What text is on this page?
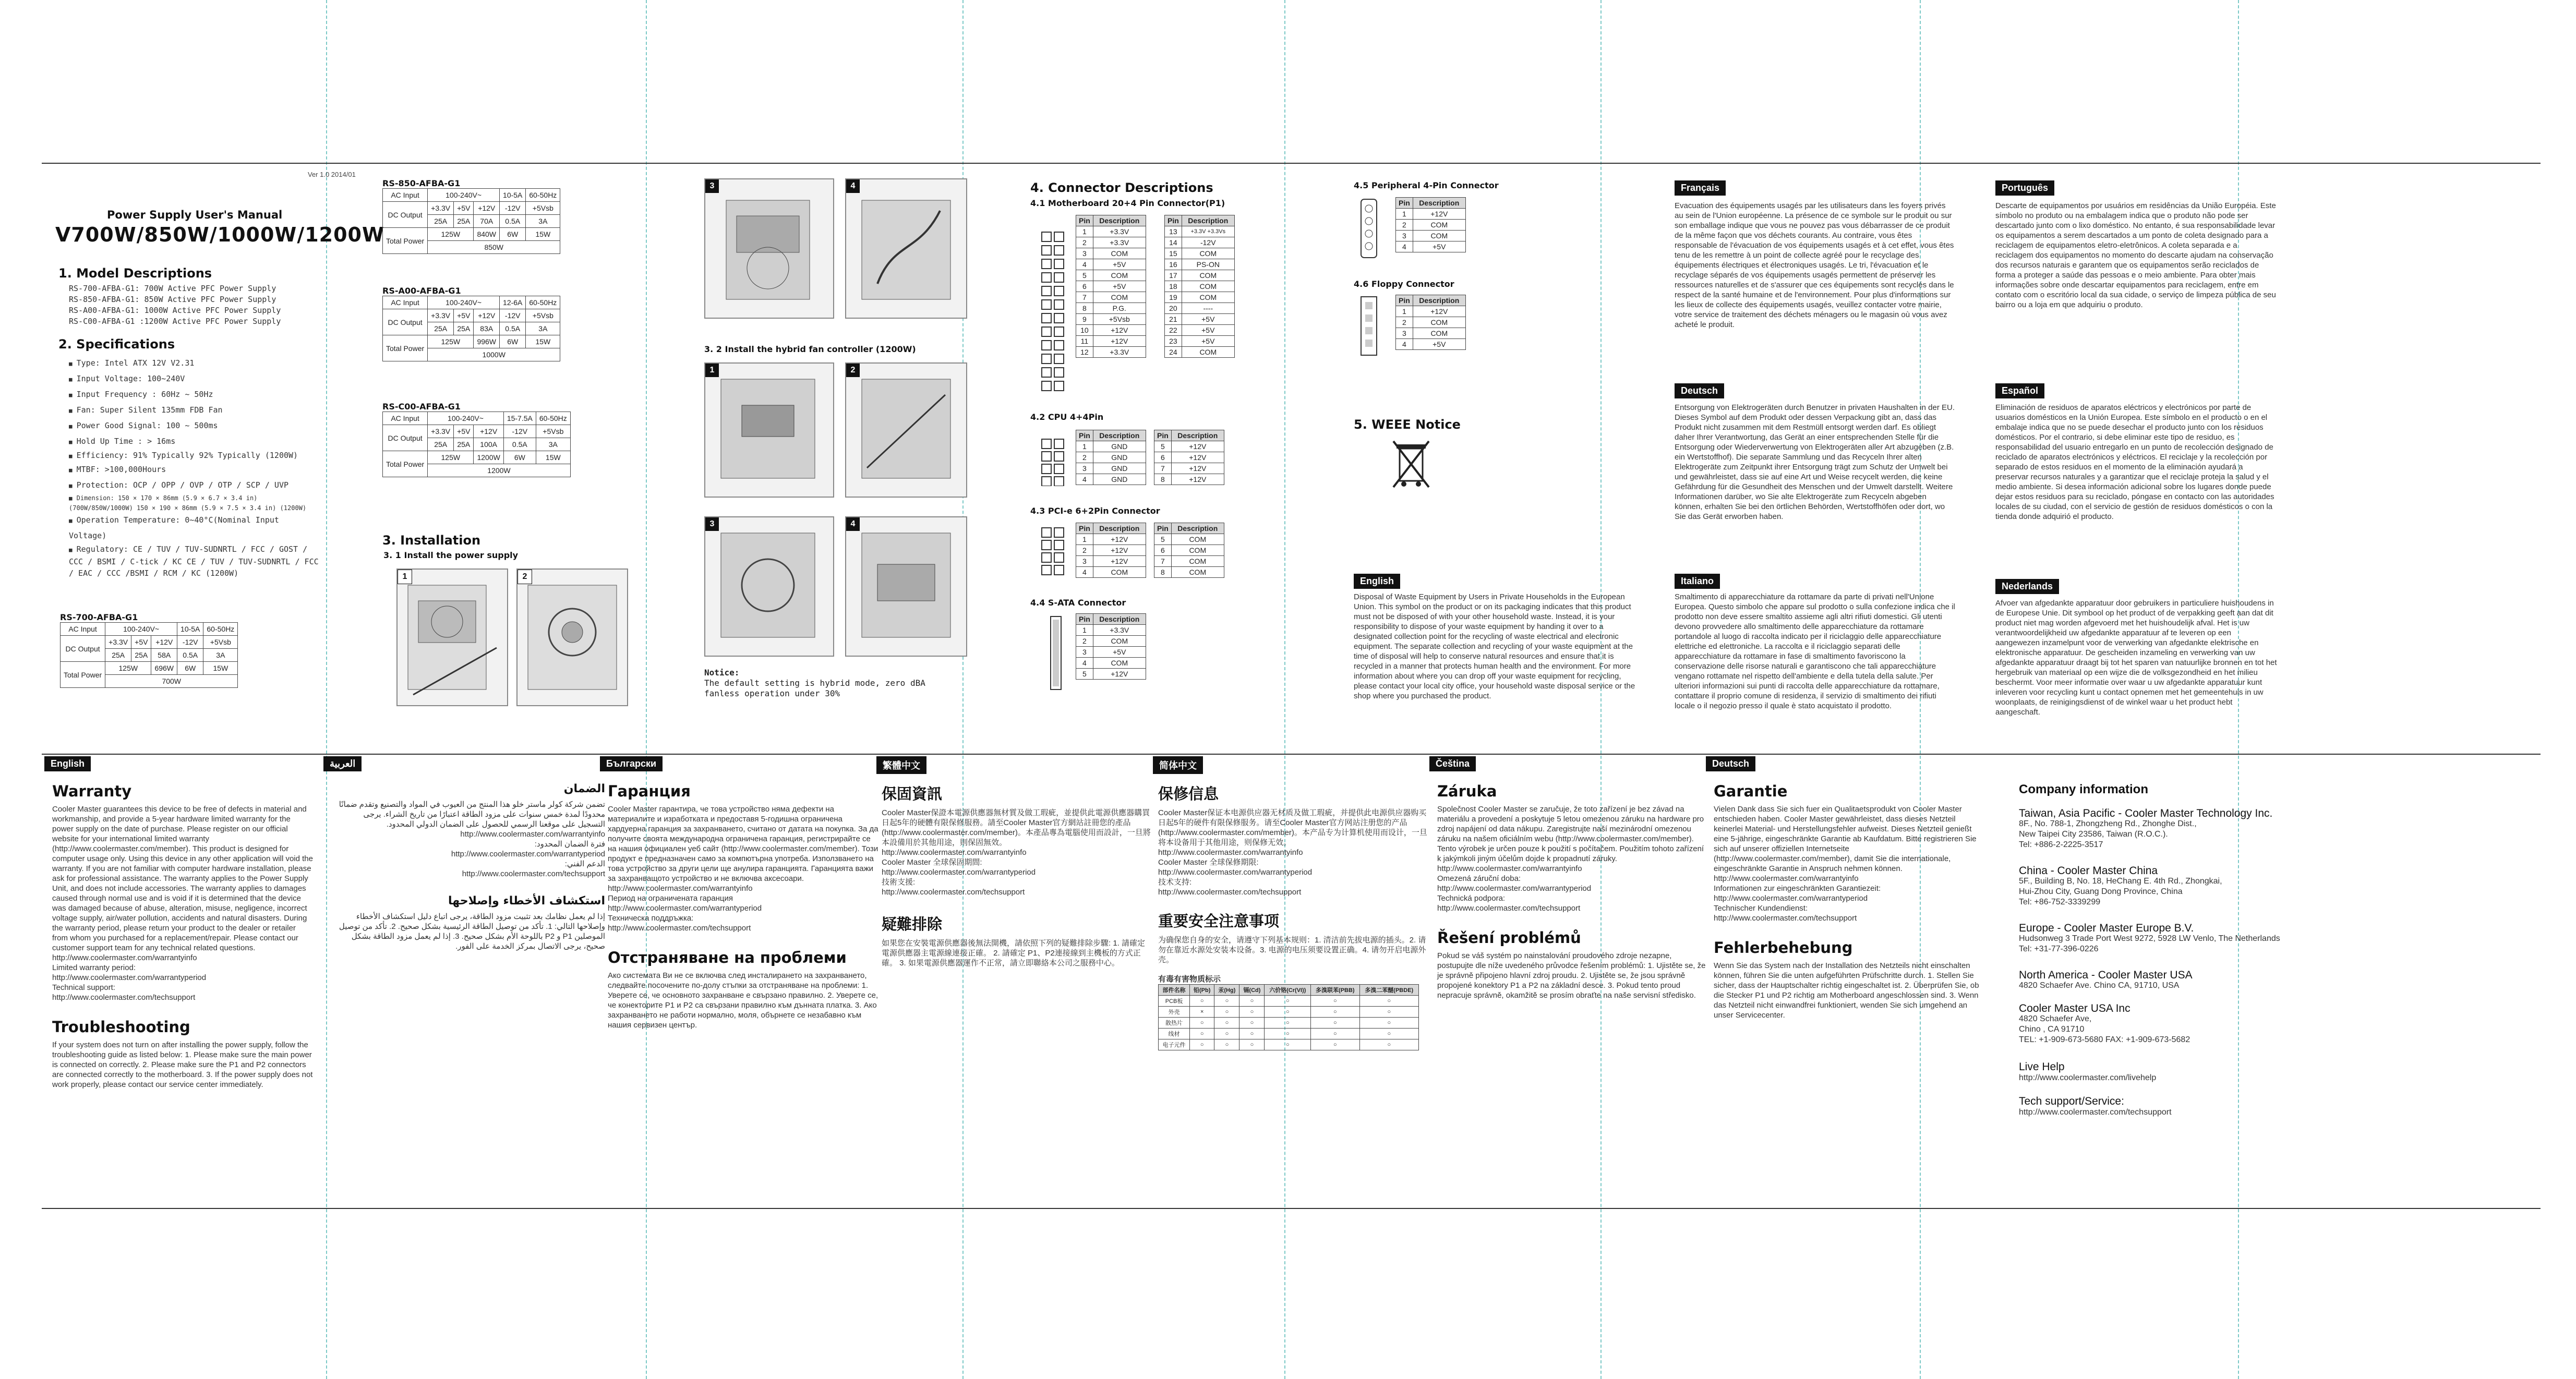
Ver 1.0 2014/01
Power Supply User's Manual
V700W/850W/1000W/1200W
1. Model Descriptions
RS-700-AFBA-G1: 700W Active PFC Power Supply
RS-850-AFBA-G1: 850W Active PFC Power Supply
RS-A00-AFBA-G1: 1000W Active PFC Power Supply
RS-C00-AFBA-G1 :1200W Active PFC Power Supply
2. Specifications
■ Type: Intel ATX 12V V2.31
■ Input Voltage: 100~240V
■ Input Frequency : 60Hz ~ 50Hz
■ Fan: Super Silent 135mm FDB Fan
■ Power Good Signal: 100 ~ 500ms
■ Hold Up Time : > 16ms
■ Efficiency: 91% Typically 92% Typically (1200W)
■ MTBF: >100,000Hours
■ Protection: OCP / OPP / OVP / OTP / SCP / UVP
■ Dimension: 150 × 170 × 86mm (5.9 × 6.7 × 3.4 in) (700W/850W/1000W) 150 × 190 × 86mm (5.9 × 7.5 × 3.4 in) (1200W)
■ Operation Temperature: 0~40°C(Nominal Input Voltage)
■ Regulatory: CE / TUV / TUV-SUDNRTL / FCC / GOST / CCC / BSMI / C-tick / KC CE / TUV / TUV-SUDNRTL / FCC / EAC / CCC /BSMI / RCM / KC (1200W)
RS-700-AFBA-G1
AC Input	100-240V~			10-5A	60-50Hz
DC Output	+3.3V	+5V	+12V	-12V	+5Vsb
	25A	25A	58A	0.5A	3A
Total Power	125W		696W	6W	15W
	700W				
RS-850-AFBA-G1
AC Input	100-240V~			10-5A	60-50Hz
DC Output	+3.3V	+5V	+12V	-12V	+5Vsb
	25A	25A	70A	0.5A	3A
Total Power	125W		840W	6W	15W
	850W				
RS-A00-AFBA-G1
AC Input	100-240V~			12-6A	60-50Hz
DC Output	+3.3V	+5V	+12V	-12V	+5Vsb
	25A	25A	83A	0.5A	3A
Total Power	125W		996W	6W	15W
	1000W				
RS-C00-AFBA-G1
AC Input	100-240V~			15-7.5A	60-50Hz
DC Output	+3.3V	+5V	+12V	-12V	+5Vsb
	25A	25A	100A	0.5A	3A
Total Power	125W		1200W	6W	15W
	1200W				
3. Installation
3. 1 Install the power supply
1	2
3	4
3. 2 Install the hybrid fan controller (1200W)
1	2
3	4
Notice:
The default setting is hybrid mode, zero dBA fanless operation under 30%
4. Connector Descriptions
4.1 Motherboard 20+4 Pin Connector(P1)
Pin	Description
1	+3.3V
2	+3.3V
3	COM
4	+5V
5	COM
6	+5V
7	COM
8	P.G.
9	+5Vsb
10	+12V
11	+12V
12	+3.3V
Pin	Description
13	+3.3V +3.3Vs
14	-12V
15	COM
16	PS-ON
17	COM
18	COM
19	COM
20	----
21	+5V
22	+5V
23	+5V
24	COM
4.2 CPU 4+4Pin
Pin	Description
1	GND
2	GND
3	GND
4	GND
Pin	Description
5	+12V
6	+12V
7	+12V
8	+12V
4.3 PCI-e 6+2Pin Connector
Pin	Description
1	+12V
2	+12V
3	+12V
4	COM
Pin	Description
5	COM
6	COM
7	COM
8	COM
4.4 S-ATA Connector
Pin	Description
1	+3.3V
2	COM
3	+5V
4	COM
5	+12V
4.5 Peripheral 4-Pin Connector
Pin	Description
1	+12V
2	COM
3	COM
4	+5V
4.6 Floppy Connector
Pin	Description
1	+12V
2	COM
3	COM
4	+5V
5. WEEE Notice
English
Disposal of Waste Equipment by Users in Private Households in the European Union. This symbol on the product or on its packaging indicates that this product must not be disposed of with your other household waste. Instead, it is your responsibility to dispose of your waste equipment by handing it over to a designated collection point for the recycling of waste electrical and electronic equipment. The separate collection and recycling of your waste equipment at the time of disposal will help to conserve natural resources and ensure that it is recycled in a manner that protects human health and the environment. For more information about where you can drop off your waste equipment for recycling, please contact your local city office, your household waste disposal service or the shop where you purchased the product.
Français
Evacuation des équipements usagés par les utilisateurs dans les foyers privés au sein de l'Union européenne. La présence de ce symbole sur le produit ou sur son emballage indique que vous ne pouvez pas vous débarrasser de ce produit de la même façon que vos déchets courants. Au contraire, vous êtes responsable de l'évacuation de vos équipements usagés et à cet effet, vous êtes tenu de les remettre à un point de collecte agréé pour le recyclage des équipements électriques et électroniques usagés. Le tri, l'évacuation et le recyclage séparés de vos équipements usagés permettent de préserver les ressources naturelles et de s'assurer que ces équipements sont recyclés dans le respect de la santé humaine et de l'environnement. Pour plus d'informations sur les lieux de collecte des équipements usagés, veuillez contacter votre mairie, votre service de traitement des déchets ménagers ou le magasin où vous avez acheté le produit.
Deutsch
Entsorgung von Elektrogeräten durch Benutzer in privaten Haushalten in der EU. Dieses Symbol auf dem Produkt oder dessen Verpackung gibt an, dass das Produkt nicht zusammen mit dem Restmüll entsorgt werden darf. Es obliegt daher Ihrer Verantwortung, das Gerät an einer entsprechenden Stelle für die Entsorgung oder Wiederverwertung von Elektrogeräten aller Art abzugeben (z.B. ein Wertstoffhof). Die separate Sammlung und das Recyceln Ihrer alten Elektrogeräte zum Zeitpunkt ihrer Entsorgung trägt zum Schutz der Umwelt bei und gewährleistet, dass sie auf eine Art und Weise recycelt werden, die keine Gefährdung für die Gesundheit des Menschen und der Umwelt darstellt. Weitere Informationen darüber, wo Sie alte Elektrogeräte zum Recyceln abgeben können, erhalten Sie bei den örtlichen Behörden, Wertstoffhöfen oder dort, wo Sie das Gerät erworben haben.
Italiano
Smaltimento di apparecchiature da rottamare da parte di privati nell'Unione Europea. Questo simbolo che appare sul prodotto o sulla confezione indica che il prodotto non deve essere smaltito assieme agli altri rifiuti domestici. Gli utenti devono provvedere allo smaltimento delle apparecchiature da rottamare portandole al luogo di raccolta indicato per il riciclaggio delle apparecchiature elettriche ed elettroniche. La raccolta e il riciclaggio separati delle apparecchiature da rottamare in fase di smaltimento favoriscono la conservazione delle risorse naturali e garantiscono che tali apparecchiature vengano rottamate nel rispetto dell'ambiente e della tutela della salute. Per ulteriori informazioni sui punti di raccolta delle apparecchiature da rottamare, contattare il proprio comune di residenza, il servizio di smaltimento dei rifiuti locale o il negozio presso il quale è stato acquistato il prodotto.
Português
Descarte de equipamentos por usuários em residências da União Européia. Este símbolo no produto ou na embalagem indica que o produto não pode ser descartado junto com o lixo doméstico. No entanto, é sua responsabilidade levar os equipamentos a serem descartados a um ponto de coleta designado para a reciclagem de equipamentos eletro-eletrônicos. A coleta separada e a reciclagem dos equipamentos no momento do descarte ajudam na conservação dos recursos naturais e garantem que os equipamentos serão reciclados de forma a proteger a saúde das pessoas e o meio ambiente. Para obter mais informações sobre onde descartar equipamentos para reciclagem, entre em contato com o escritório local da sua cidade, o serviço de limpeza pública de seu bairro ou a loja em que adquiriu o produto.
Español
Eliminación de residuos de aparatos eléctricos y electrónicos por parte de usuarios domésticos en la Unión Europea. Este símbolo en el producto o en el embalaje indica que no se puede desechar el producto junto con los residuos domésticos. Por el contrario, si debe eliminar este tipo de residuo, es responsabilidad del usuario entregarlo en un punto de recolección designado de reciclado de aparatos electrónicos y eléctricos. El reciclaje y la recolección por separado de estos residuos en el momento de la eliminación ayudará a preservar recursos naturales y a garantizar que el reciclaje proteja la salud y el medio ambiente. Si desea información adicional sobre los lugares donde puede dejar estos residuos para su reciclado, póngase en contacto con las autoridades locales de su ciudad, con el servicio de gestión de residuos domésticos o con la tienda donde adquirió el producto.
Nederlands
Afvoer van afgedankte apparatuur door gebruikers in particuliere huishoudens in de Europese Unie. Dit symbool op het product of de verpakking geeft aan dat dit product niet mag worden afgevoerd met het huishoudelijk afval. Het is uw verantwoordelijkheid uw afgedankte apparatuur af te leveren op een aangewezen inzamelpunt voor de verwerking van afgedankte elektrische en elektronische apparatuur. De gescheiden inzameling en verwerking van uw afgedankte apparatuur draagt bij tot het sparen van natuurlijke bronnen en tot het hergebruik van materiaal op een wijze die de volksgezondheid en het milieu beschermt. Voor meer informatie over waar u uw afgedankte apparatuur kunt inleveren voor recycling kunt u contact opnemen met het gemeentehuis in uw woonplaats, de reinigingsdienst of de winkel waar u het product hebt aangeschaft.
English
Warranty
Cooler Master guarantees this device to be free of defects in material and workmanship, and provide a 5-year hardware limited warranty for the power supply on the date of purchase. Please register on our official website for your international limited warranty (http://www.coolermaster.com/member). This product is designed for computer usage only. Using this device in any other application will void the warranty. If you are not familiar with computer hardware installation, please ask for professional assistance. The warranty applies to the Power Supply Unit, and does not include accessories. The warranty applies to damages caused through normal use and is void if it is determined that the device was damaged because of abuse, alteration, misuse, negligence, incorrect voltage supply, air/water pollution, accidents and natural disasters. During the warranty period, please return your product to the dealer or retailer from whom you purchased for a replacement/repair. Please contact our customer support team for any technical related questions.
http://www.coolermaster.com/warrantyinfo
Limited warranty period:
http://www.coolermaster.com/warrantyperiod
Technical support:
http://www.coolermaster.com/techsupport
Troubleshooting
If your system does not turn on after installing the power supply, follow the troubleshooting guide as listed below: 1. Please make sure the main power is connected on correctly. 2. Please make sure the P1 and P2 connectors are connected correctly to the motherboard. 3. If the power supply does not work properly, please contact our service center immediately.
العربية
الضمان
تضمن شركة كولر ماستر خلو هذا المنتج من العيوب في المواد والتصنيع وتقدم ضمانًا محدودًا لمدة خمس سنوات على مزود الطاقة اعتبارًا من تاريخ الشراء. يرجى التسجيل على موقعنا الرسمي للحصول على الضمان الدولي المحدود.
http://www.coolermaster.com/warrantyinfo
فترة الضمان المحدود:
http://www.coolermaster.com/warrantyperiod
الدعم الفني:
http://www.coolermaster.com/techsupport
استكشاف الأخطاء وإصلاحها
إذا لم يعمل نظامك بعد تثبيت مزود الطاقة، يرجى اتباع دليل استكشاف الأخطاء وإصلاحها التالي: 1. تأكد من توصيل الطاقة الرئيسية بشكل صحيح. 2. تأكد من توصيل الموصلين P1 و P2 باللوحة الأم بشكل صحيح. 3. إذا لم يعمل مزود الطاقة بشكل صحيح، يرجى الاتصال بمركز الخدمة على الفور.
Български
Гаранция
Cooler Master гарантира, че това устройство няма дефекти на материалите и изработката и предоставя 5-годишна ограничена хардуерна гаранция за захранването, считано от датата на покупка. За да получите своята международна ограничена гаранция, регистрирайте се на нашия официален уеб сайт (http://www.coolermaster.com/member). Този продукт е предназначен само за компютърна употреба. Използването на това устройство за други цели ще анулира гаранцията. Гаранцията важи за захранващото устройство и не включва аксесоари.
http://www.coolermaster.com/warrantyinfo
Период на ограничената гаранция
http://www.coolermaster.com/warrantyperiod
Техническа поддръжка:
http://www.coolermaster.com/techsupport
Отстраняване на проблеми
Ако системата Ви не се включва след инсталирането на захранването, следвайте посочените по-долу стъпки за отстраняване на проблеми: 1. Уверете се, че основното захранване е свързано правилно. 2. Уверете се, че конекторите P1 и P2 са свързани правилно към дънната платка. 3. Ако захранването не работи нормално, моля, обърнете се незабавно към нашия сервизен център.
繁體中文
保固資訊
Cooler Master保證本電源供應器無材質及做工瑕疵，並提供此電源供應器購買日起5年的硬體有限保修服務。請至Cooler Master官方網站註冊您的產品 (http://www.coolermaster.com/member)。本產品專為電腦使用而設計，一旦將本設備用於其他用途，則保固無效。
http://www.coolermaster.com/warrantyinfo
Cooler Master 全球保固期間:
http://www.coolermaster.com/warrantyperiod
技術支援:
http://www.coolermaster.com/techsupport
疑難排除
如果您在安裝電源供應器後無法開機，請依照下列的疑難排除步驟: 1. 請確定電源供應器主電源線連接正確。 2. 請確定 P1、P2連接線到主機板的方式正確。 3. 如果電源供應器運作不正常，請立即聯絡本公司之服務中心。
简体中文
保修信息
Cooler Master保证本电源供应器无材质及做工瑕疵，并提供此电源供应器购买日起5年的硬件有限保修服务。请至Cooler Master官方网站注册您的产品 (http://www.coolermaster.com/member)。本产品专为计算机使用而设计，一旦将本设备用于其他用途，则保修无效。
http://www.coolermaster.com/warrantyinfo
Cooler Master 全球保修期限:
http://www.coolermaster.com/warrantyperiod
技术支持:
http://www.coolermaster.com/techsupport
重要安全注意事项
为确保您自身的安全，请遵守下列基本规则：1. 清洁前先拔电源的插头。2. 请勿在靠近水源处安装本设备。3. 电源的电压须要设置正确。4. 请勿开启电源外壳。
有毒有害物质标示
部件名称	铅(Pb)	汞(Hg)	镉(Cd)	六价铬(Cr(VI))	多溴联苯(PBB)	多溴二苯醚(PBDE)
PCB板	○	○	○	○	○	○
外壳	×	○	○	○	○	○
散热片	○	○	○	○	○	○
线材	○	○	○	○	○	○
电子元件	○	○	○	○	○	○
Čeština
Záruka
Společnost Cooler Master se zaručuje, že toto zařízení je bez závad na materiálu a provedení a poskytuje 5 letou omezenou záruku na hardware pro zdroj napájení od data nákupu. Zaregistrujte naší mezinárodní omezenou záruku na našem oficiálním webu (http://www.coolermaster.com/member). Tento výrobek je určen pouze k použití s počítačem. Použitím tohoto zařízení k jakýmkoli jiným účelům dojde k propadnutí záruky.
http://www.coolermaster.com/warrantyinfo
Omezená záruční doba:
http://www.coolermaster.com/warrantyperiod
Technická podpora:
http://www.coolermaster.com/techsupport
Řešení problémů
Pokud se váš systém po nainstalování proudového zdroje nezapne, postupujte dle níže uvedeného průvodce řešením problémů: 1. Ujistěte se, že je správně připojeno hlavní zdroj proudu. 2. Ujistěte se, že jsou správně propojené konektory P1 a P2 na základní desce. 3. Pokud tento proud nepracuje správně, okamžitě se prosím obraťte na naše servisní středisko.
Deutsch
Garantie
Vielen Dank dass Sie sich fuer ein Qualitaetsprodukt von Cooler Master entschieden haben. Cooler Master gewährleistet, dass dieses Netzteil keinerlei Material- und Herstellungsfehler aufweist. Dieses Netzteil genießt eine 5-jährige, eingeschränkte Garantie ab Kaufdatum. Bitte registrieren Sie sich auf unserer offiziellen Internetseite (http://www.coolermaster.com/member), damit Sie die internationale, eingeschränkte Garantie in Anspruch nehmen können.
http://www.coolermaster.com/warrantyinfo
Informationen zur eingeschränkten Garantiezeit:
http://www.coolermaster.com/warrantyperiod
Technischer Kundendienst:
http://www.coolermaster.com/techsupport
Fehlerbehebung
Wenn Sie das System nach der Installation des Netzteils nicht einschalten können, führen Sie die unten aufgeführten Prüfschritte durch. 1. Stellen Sie sicher, dass der Hauptschalter richtig eingeschaltet ist. 2. Überprüfen Sie, ob die Stecker P1 und P2 richtig am Motherboard angeschlossen sind. 3. Wenn das Netzteil nicht einwandfrei funktioniert, wenden Sie sich umgehend an unser Servicecenter.
Company information
Taiwan, Asia Pacific - Cooler Master Technology Inc.
8F., No. 788-1, Zhongzheng Rd., Zhonghe Dist.,
New Taipei City 23586, Taiwan (R.O.C.).
Tel: +886-2-2225-3517
China - Cooler Master China
5F., Building B, No. 18, HeChang E. 4th Rd., Zhongkai,
Hui-Zhou City, Guang Dong Province, China
Tel: +86-752-3339299
Europe - Cooler Master Europe B.V.
Hudsonweg 3 Trade Port West 9272, 5928 LW Venlo, The Netherlands
Tel: +31-77-396-0226
North America - Cooler Master USA
4820 Schaefer Ave. Chino CA, 91710, USA
Cooler Master USA Inc
4820 Schaefer Ave,
Chino , CA 91710
TEL: +1-909-673-5680 FAX: +1-909-673-5682
Live Help
http://www.coolermaster.com/livehelp
Tech support/Service:
http://www.coolermaster.com/techsupport
